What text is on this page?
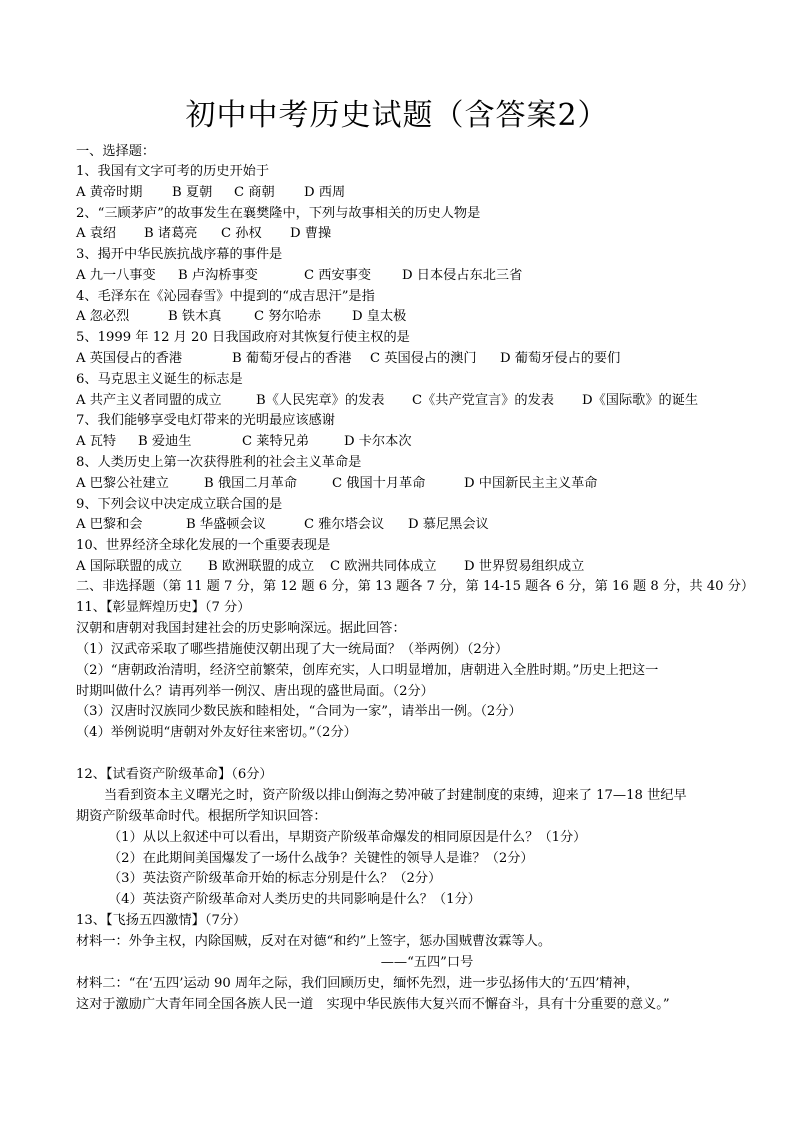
初中中考历史试题（含答案2）
一、选择题：
1、我国有文字可考的历史开始于
A 黄帝时期 B 夏朝 C 商朝 D 西周
2、“三顾茅庐”的故事发生在襄樊隆中，下列与故事相关的历史人物是
A 袁绍 B 诸葛亮 C 孙权 D 曹操
3、揭开中华民族抗战序幕的事件是
A 九一八事变 B 卢沟桥事变	C 西安事变 D 日本侵占东北三省
4、毛泽东在《沁园春雪》中提到的“成吉思汗”是指
A 忽必烈	B 铁木真 C 努尔哈赤 D 皇太极
5、1999 年 12 月 20 日我国政府对其恢复行使主权的是
A 英国侵占的香港	B 葡萄牙侵占的香港 C 英国侵占的澳门 D 葡萄牙侵占的要们
6、马克思主义诞生的标志是
A 共产主义者同盟的成立	B《人民宪章》的发表 C《共产党宣言》的发表 D《国际歌》的诞生
7、我们能够享受电灯带来的光明最应该感谢
A 瓦特 B 爱迪生	C 莱特兄弟	D 卡尔本次
8、人类历史上第一次获得胜利的社会主义革命是
A 巴黎公社建立	B 俄国二月革命	C 俄国十月革命	D 中国新民主主义革命
9、下列会议中决定成立联合国的是
A 巴黎和会	B 华盛顿会议	C 雅尔塔会议 D 慕尼黑会议
10、世界经济全球化发展的一个重要表现是
A 国际联盟的成立 B 欧洲联盟的成立 C 欧洲共同体成立 D 世界贸易组织成立
二、非选择题（第 11 题 7 分，第 12 题 6 分，第 13 题各 7 分，第 14-15 题各 6 分，第 16 题 8 分，共 40 分）
11、【彰显辉煌历史】（7 分）
汉朝和唐朝对我国封建社会的历史影响深远。据此回答：
（1）汉武帝采取了哪些措施使汉朝出现了大一统局面？（举两例）（2分）
（2）“唐朝政治清明，经济空前繁荣，创库充实，人口明显增加，唐朝进入全胜时期。”历史上把这一
时期叫做什么？请再列举一例汉、唐出现的盛世局面。（2分）
（3）汉唐时汉族同少数民族和睦相处，“合同为一家”，请举出一例。（2分）
（4）举例说明“唐朝对外友好往来密切。”（2分）
12、【试看资产阶级革命】（6分）
当看到资本主义曙光之时，资产阶级以排山倒海之势冲破了封建制度的束缚，迎来了 17—18 世纪早
期资产阶级革命时代。根据所学知识回答：
（1）从以上叙述中可以看出，早期资产阶级革命爆发的相同原因是什么？（1分）
（2）在此期间美国爆发了一场什么战争？关键性的领导人是谁？（2分）
（3）英法资产阶级革命开始的标志分别是什么？（2分）
（4）英法资产阶级革命对人类历史的共同影响是什么？（1分）
13、【飞扬五四激情】（7分）
材料一：外争主权，内除国贼，反对在对德“和约”上签字，惩办国贼曹汝霖等人。
——“五四”口号
材料二：“在‘五四’运动 90 周年之际，我们回顾历史，缅怀先烈，进一步弘扬伟大的‘五四’精神，
这对于激励广大青年同全国各族人民一道　实现中华民族伟大复兴而不懈奋斗，具有十分重要的意义。”
